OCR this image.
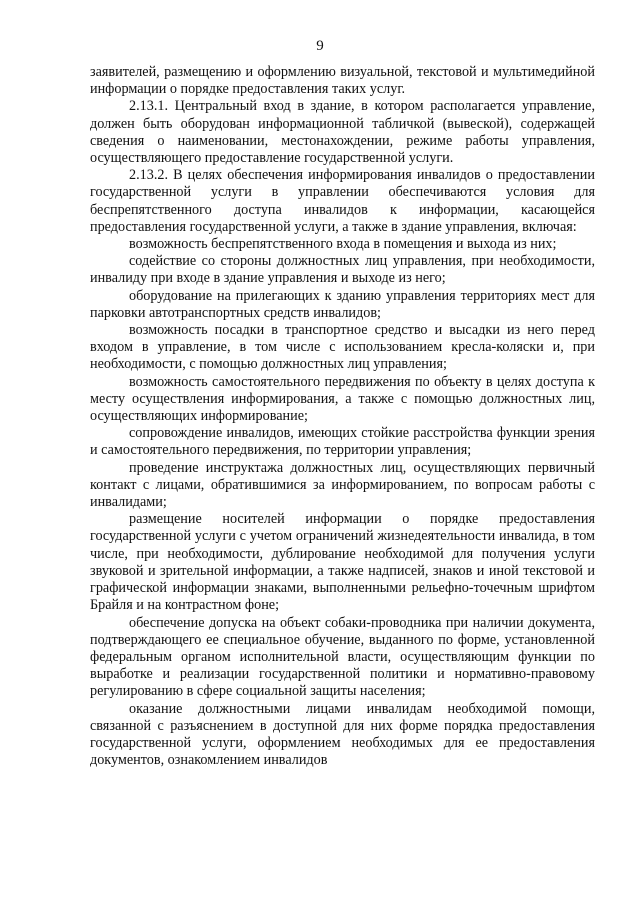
9

заявителей, размещению и оформлению визуальной, текстовой и мультимедийной информации о порядке предоставления таких услуг.

2.13.1. Центральный вход в здание, в котором располагается управление, должен быть оборудован информационной табличкой (вывеской), содержащей сведения о наименовании, местонахождении, режиме работы управления, осуществляющего предоставление государственной услуги.

2.13.2. В целях обеспечения информирования инвалидов о предоставлении государственной услуги в управлении обеспечиваются условия для беспрепятственного доступа инвалидов к информации, касающейся предоставления государственной услуги, а также в здание управления, включая:

возможность беспрепятственного входа в помещения и выхода из них;

содействие со стороны должностных лиц управления, при необходимости, инвалиду при входе в здание управления и выходе из него;

оборудование на прилегающих к зданию управления территориях мест для парковки автотранспортных средств инвалидов;

возможность посадки в транспортное средство и высадки из него перед входом в управление, в том числе с использованием кресла-коляски и, при необходимости, с помощью должностных лиц управления;

возможность самостоятельного передвижения по объекту в целях доступа к месту осуществления информирования, а также с помощью должностных лиц, осуществляющих информирование;

сопровождение инвалидов, имеющих стойкие расстройства функции зрения и самостоятельного передвижения, по территории управления;

проведение инструктажа должностных лиц, осуществляющих первичный контакт с лицами, обратившимися за информированием, по вопросам работы с инвалидами;

размещение носителей информации о порядке предоставления государственной услуги с учетом ограничений жизнедеятельности инвалида, в том числе, при необходимости, дублирование необходимой для получения услуги звуковой и зрительной информации, а также надписей, знаков и иной текстовой и графической информации знаками, выполненными рельефно-точечным шрифтом Брайля и на контрастном фоне;

обеспечение допуска на объект собаки-проводника при наличии документа, подтверждающего ее специальное обучение, выданного по форме, установленной федеральным органом исполнительной власти, осуществляющим функции по выработке и реализации государственной политики и нормативно-правовому регулированию в сфере социальной защиты населения;

оказание должностными лицами инвалидам необходимой помощи, связанной с разъяснением в доступной для них форме порядка предоставления государственной услуги, оформлением необходимых для ее предоставления документов, ознакомлением инвалидов
